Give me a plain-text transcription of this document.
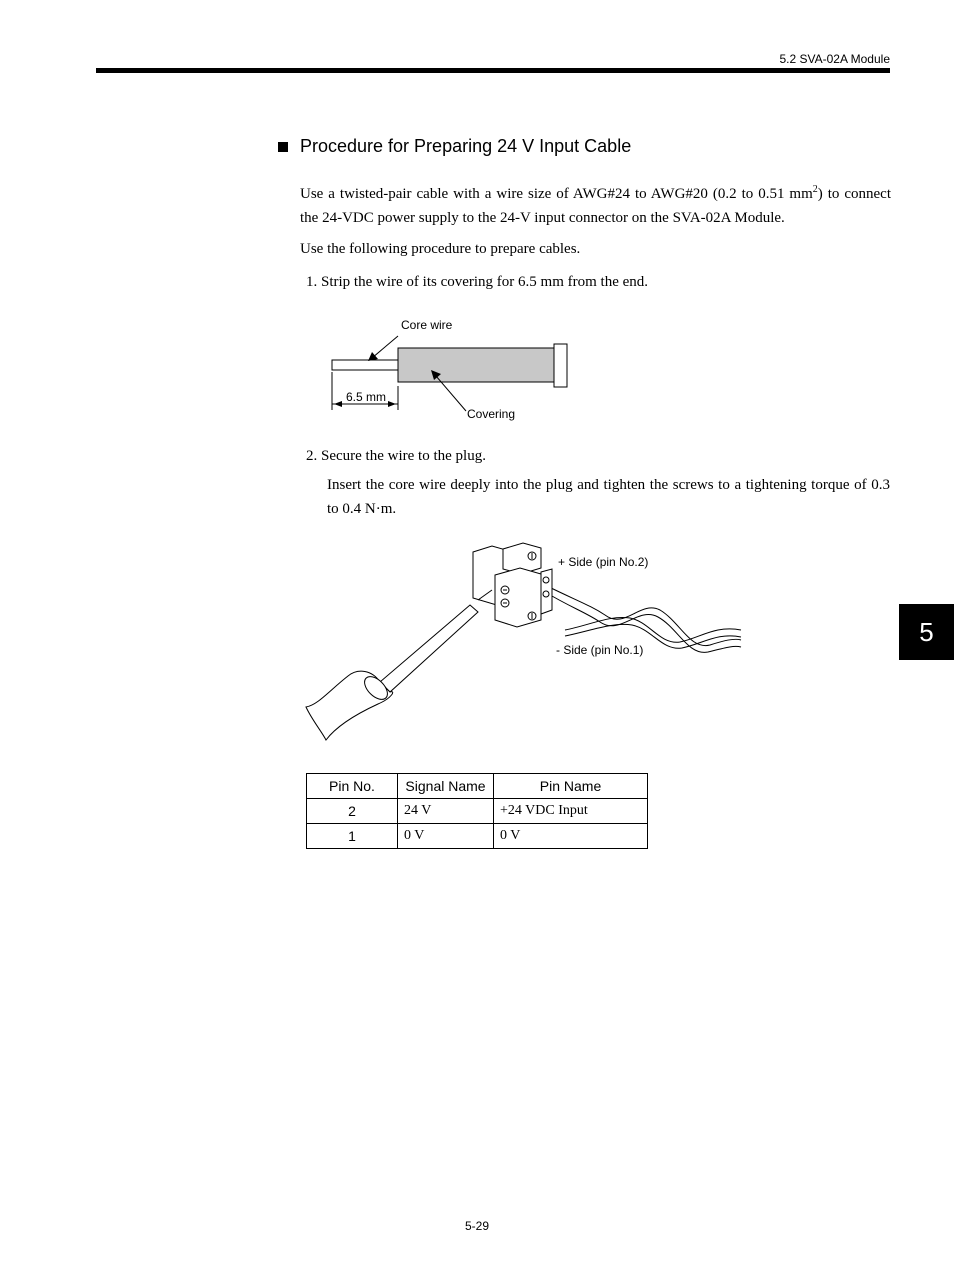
5.2 SVA-02A Module
Procedure for Preparing 24 V Input Cable
Use a twisted-pair cable with a wire size of AWG#24 to AWG#20 (0.2 to 0.51 $mm^2$) to connect the 24-VDC power supply to the 24-V input connector on the SVA-02A Module.
Use the following procedure to prepare cables.
1. Strip the wire of its covering for 6.5 mm from the end.
Core wire
6.5 mm
Covering
2. Secure the wire to the plug.
Insert the core wire deeply into the plug and tighten the screws to a tightening torque of 0.3 to 0.4 N·m.
+ Side (pin No.2)
- Side (pin No.1)
5
Pin No.	Signal Name	Pin Name
2	24 V	+24 VDC Input
1	0 V	0 V
5-29
